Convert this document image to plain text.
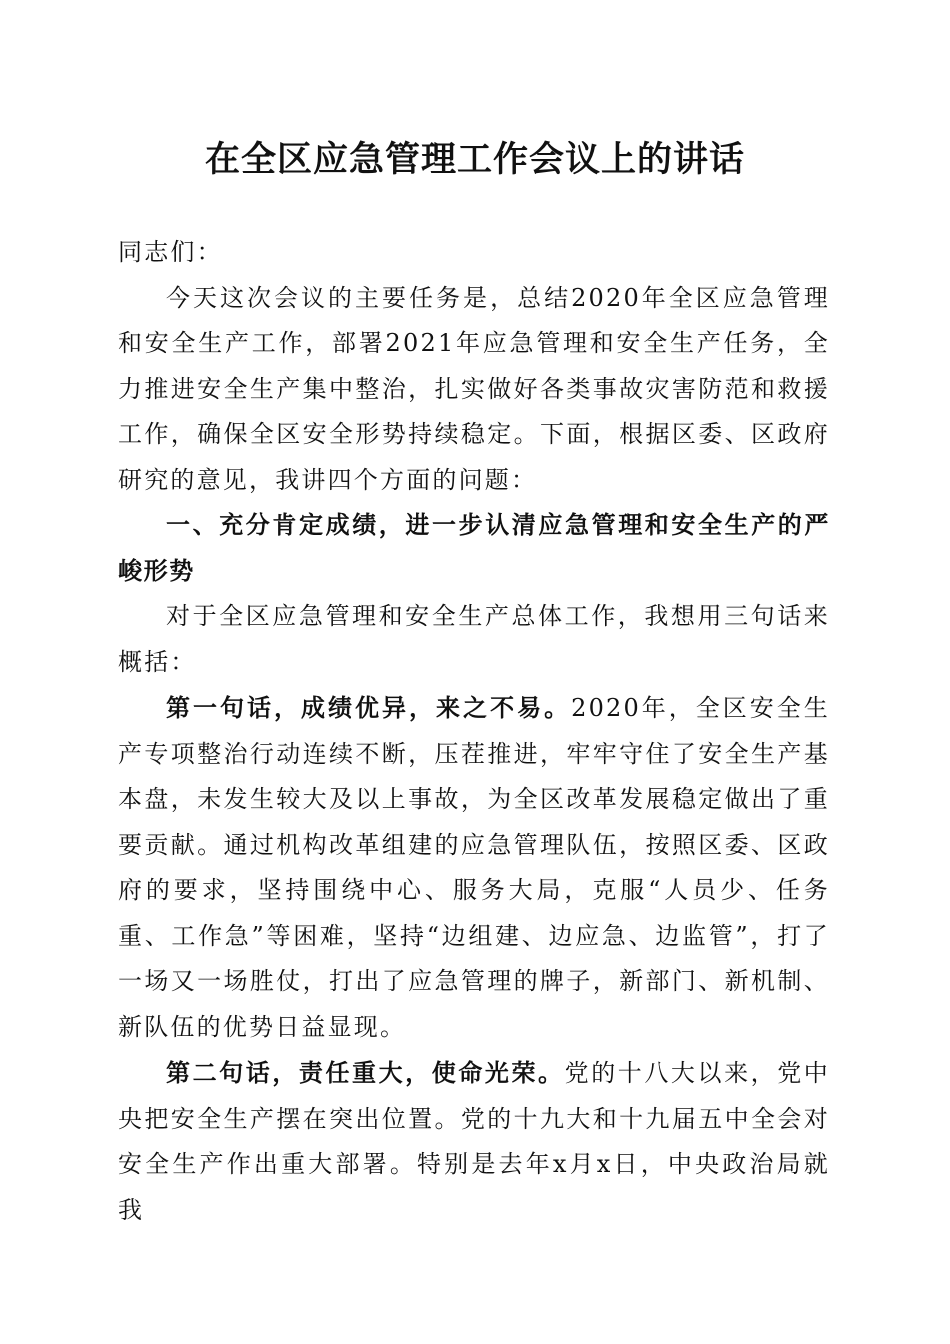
在全区应急管理工作会议上的讲话

同志们：

今天这次会议的主要任务是，总结2020年全区应急管理和安全生产工作，部署2021年应急管理和安全生产任务，全力推进安全生产集中整治，扎实做好各类事故灾害防范和救援工作，确保全区安全形势持续稳定。下面，根据区委、区政府研究的意见，我讲四个方面的问题：

一、充分肯定成绩，进一步认清应急管理和安全生产的严峻形势

对于全区应急管理和安全生产总体工作，我想用三句话来概括：

第一句话，成绩优异，来之不易。2020年，全区安全生产专项整治行动连续不断，压茬推进，牢牢守住了安全生产基本盘，未发生较大及以上事故，为全区改革发展稳定做出了重要贡献。通过机构改革组建的应急管理队伍，按照区委、区政府的要求，坚持围绕中心、服务大局，克服“人员少、任务重、工作急”等困难，坚持“边组建、边应急、边监管”，打了一场又一场胜仗，打出了应急管理的牌子，新部门、新机制、新队伍的优势日益显现。

第二句话，责任重大，使命光荣。党的十八大以来，党中央把安全生产摆在突出位置。党的十九大和十九届五中全会对安全生产作出重大部署。特别是去年x月x日，中央政治局就我
